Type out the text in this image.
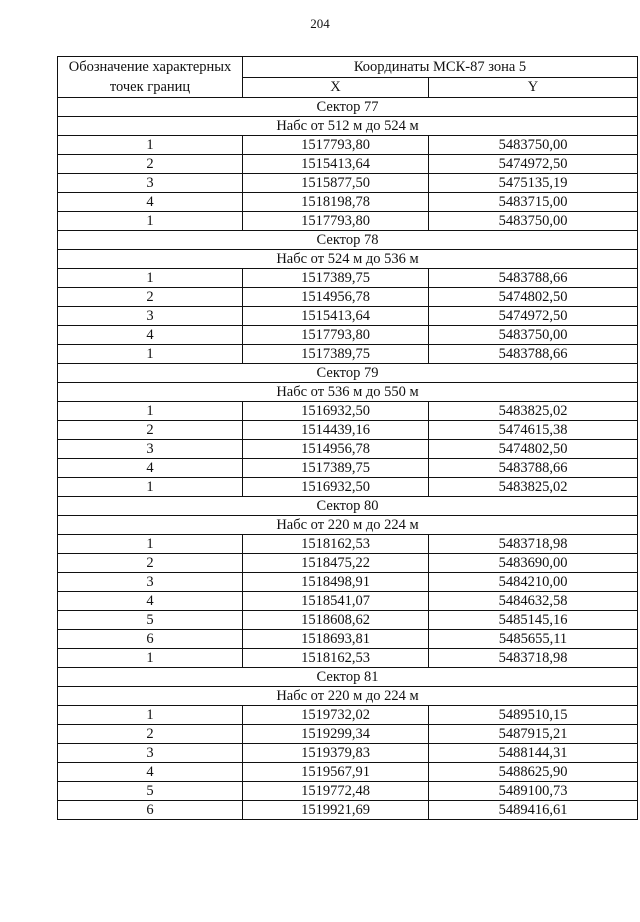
204
Обозначение характерных
точек границ	Координаты МСК-87 зона 5	
	X	Y
Сектор 77		
Набс от 512 м до 524 м		
1	1517793,80	5483750,00
2	1515413,64	5474972,50
3	1515877,50	5475135,19
4	1518198,78	5483715,00
1	1517793,80	5483750,00
Сектор 78		
Набс от 524 м до 536 м		
1	1517389,75	5483788,66
2	1514956,78	5474802,50
3	1515413,64	5474972,50
4	1517793,80	5483750,00
1	1517389,75	5483788,66
Сектор 79		
Набс от 536 м до 550 м		
1	1516932,50	5483825,02
2	1514439,16	5474615,38
3	1514956,78	5474802,50
4	1517389,75	5483788,66
1	1516932,50	5483825,02
Сектор 80		
Набс от 220 м до 224 м		
1	1518162,53	5483718,98
2	1518475,22	5483690,00
3	1518498,91	5484210,00
4	1518541,07	5484632,58
5	1518608,62	5485145,16
6	1518693,81	5485655,11
1	1518162,53	5483718,98
Сектор 81		
Набс от 220 м до 224 м		
1	1519732,02	5489510,15
2	1519299,34	5487915,21
3	1519379,83	5488144,31
4	1519567,91	5488625,90
5	1519772,48	5489100,73
6	1519921,69	5489416,61
